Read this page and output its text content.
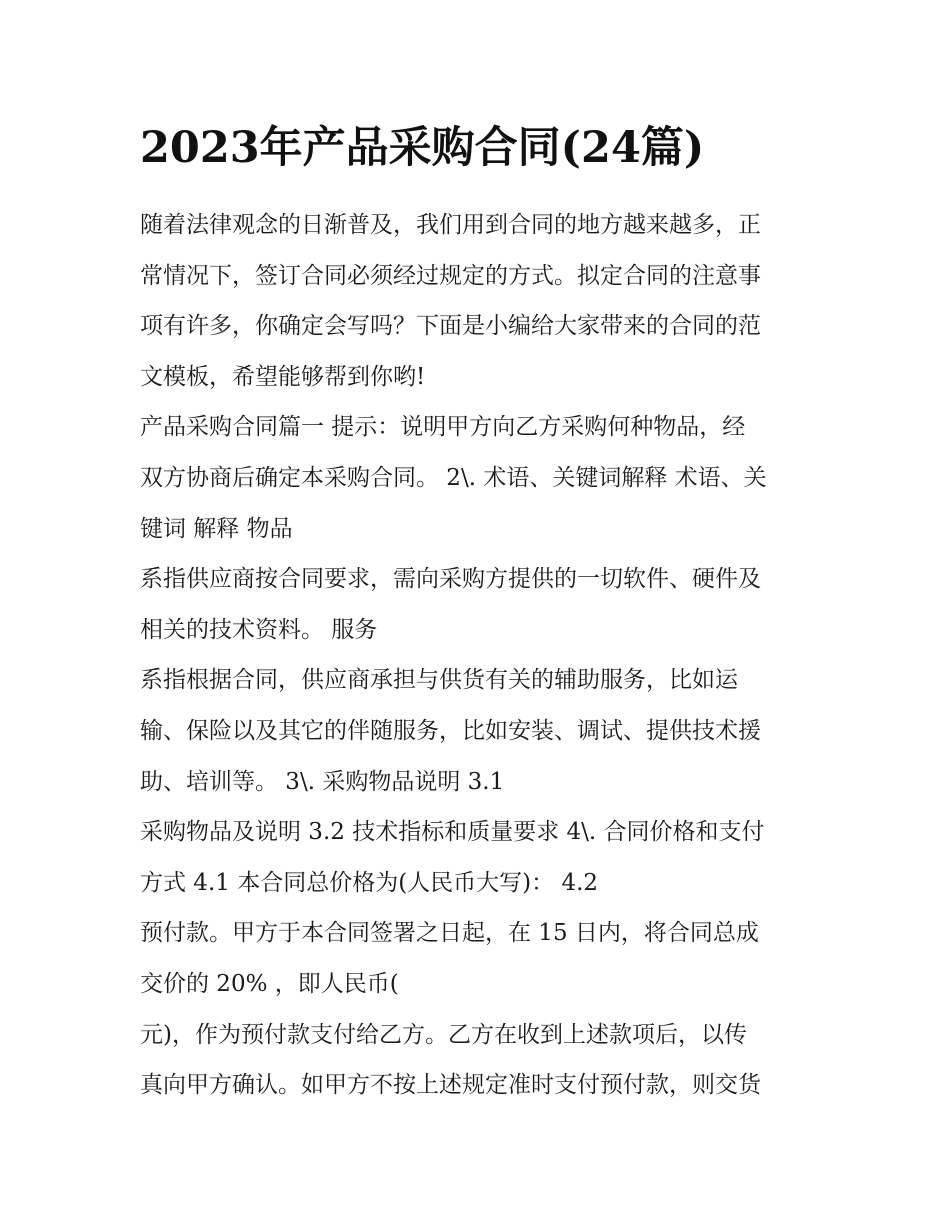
2023年产品采购合同(24篇)
随着法律观念的日渐普及，我们用到合同的地方越来越多，正
常情况下，签订合同必须经过规定的方式。拟定合同的注意事
项有许多，你确定会写吗？下面是小编给大家带来的合同的范
文模板，希望能够帮到你哟!
产品采购合同篇一 提示：说明甲方向乙方采购何种物品，经
双方协商后确定本采购合同。 2\. 术语、关键词解释 术语、关
键词 解释 物品
系指供应商按合同要求，需向采购方提供的一切软件、硬件及
相关的技术资料。 服务
系指根据合同，供应商承担与供货有关的辅助服务，比如运
输、保险以及其它的伴随服务，比如安装、调试、提供技术援
助、培训等。 3\. 采购物品说明 3.1
采购物品及说明 3.2 技术指标和质量要求 4\. 合同价格和支付
方式 4.1 本合同总价格为(人民币大写)： 4.2
预付款。甲方于本合同签署之日起，在 15 日内，将合同总成
交价的 20% ，即人民币(
元)，作为预付款支付给乙方。乙方在收到上述款项后，以传
真向甲方确认。如甲方不按上述规定准时支付预付款，则交货
